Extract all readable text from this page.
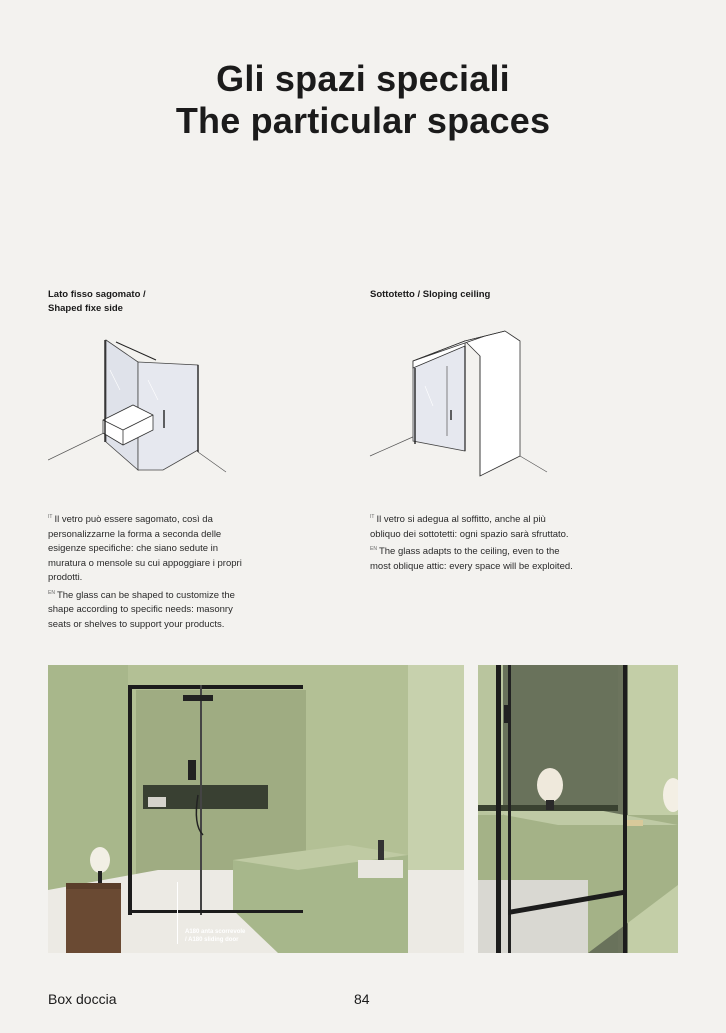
Gli spazi speciali
The particular spaces
Lato fisso sagomato /
Shaped fixe side
Sottotetto / Sloping ceiling
$^{IT}$ Il vetro può essere sagomato, così da personalizzarne la forma a seconda delle esigenze specifiche: che siano sedute in muratura o mensole su cui appoggiare i propri prodotti.
$^{EN}$ The glass can be shaped to customize the shape according to specific needs: masonry seats or shelves to support your products.
$^{IT}$ Il vetro si adegua al soffitto, anche al più obliquo dei sottotetti: ogni spazio sarà sfruttato.
$^{EN}$ The glass adapts to the ceiling, even to the most oblique attic: every space will be exploited.
A180 anta scorrevole
/ A180 sliding door
Box doccia	84
